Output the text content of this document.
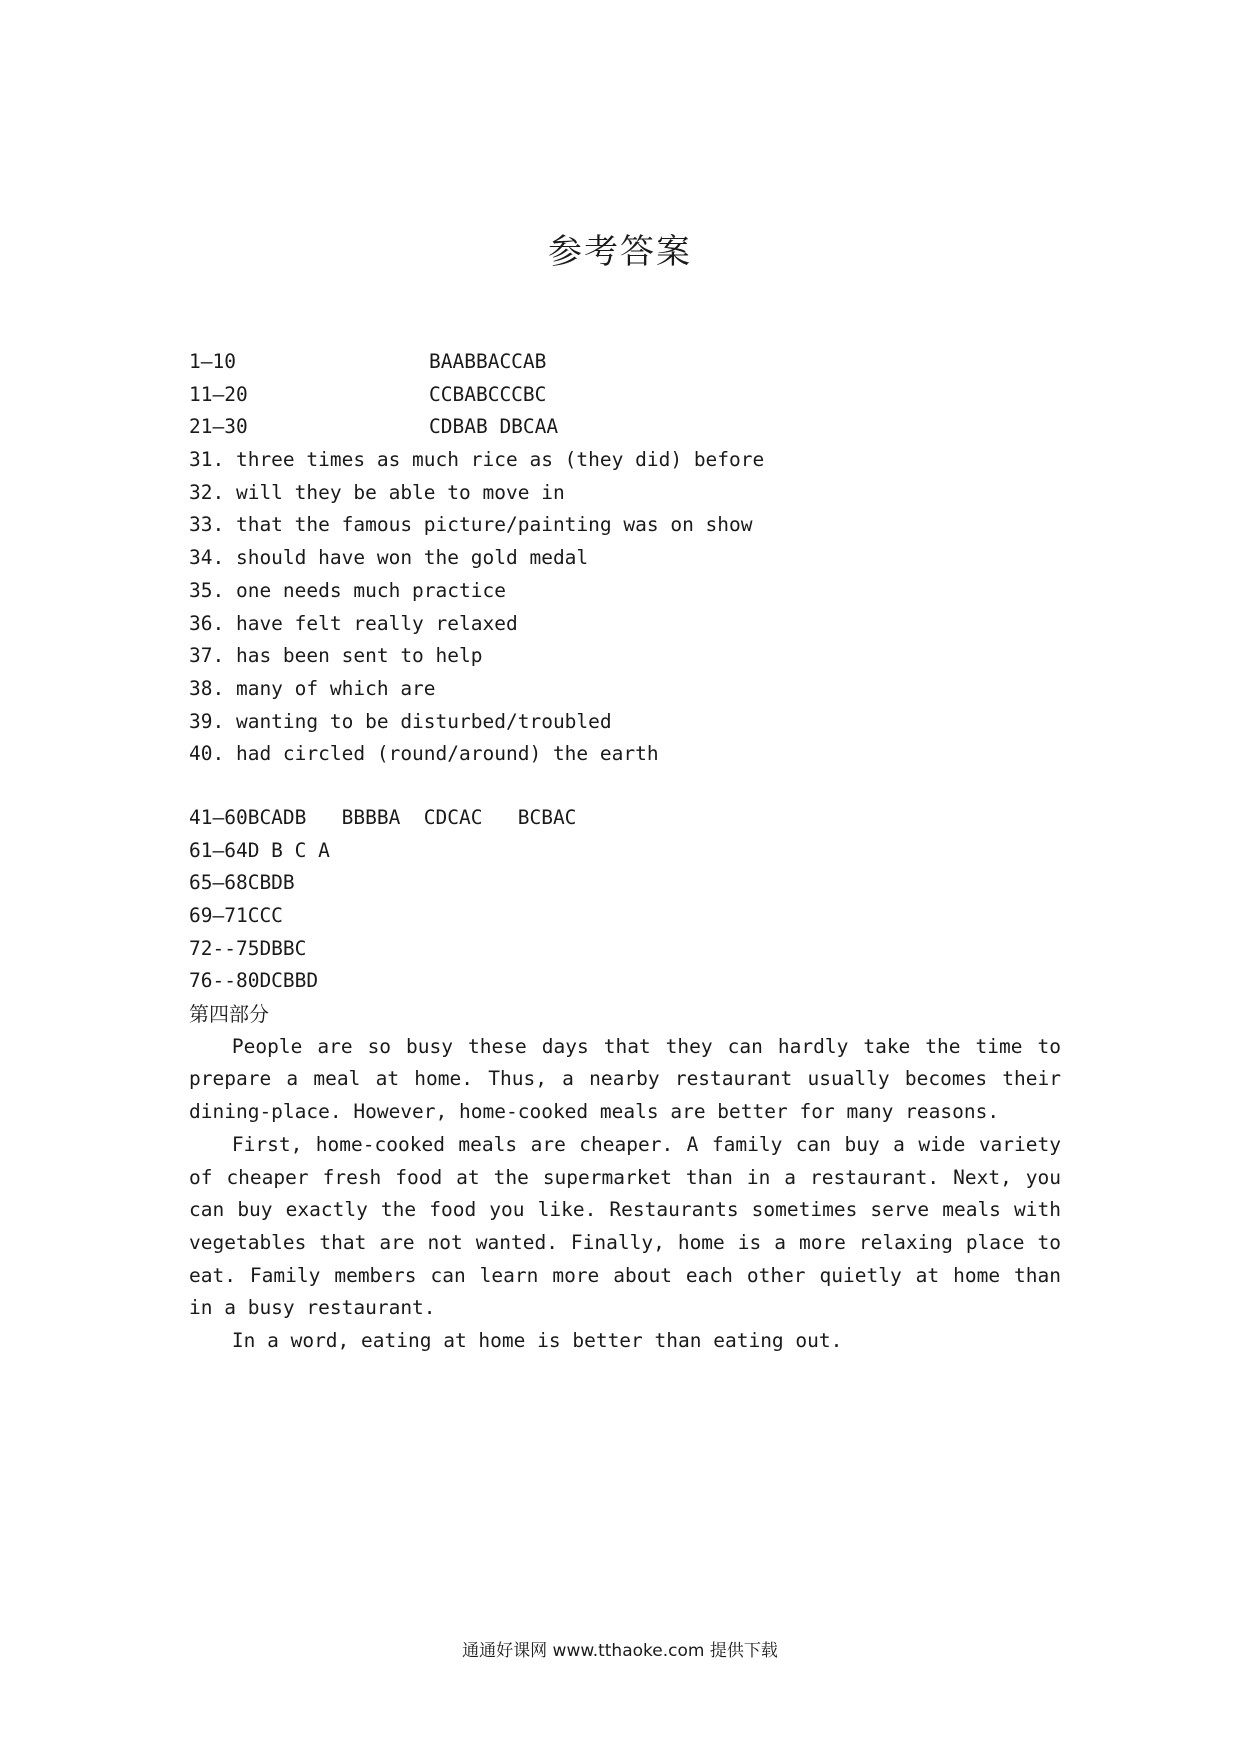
参考答案
1—10	BAABBACCAB
11—20	CCBABCCCBC
21—30	CDBAB DBCAA
31. three times as much rice as (they did) before
32. will they be able to move in
33. that the famous picture/painting was on show
34. should have won the gold medal
35. one needs much practice
36. have felt really relaxed
37. has been sent to help
38. many of which are
39. wanting to be disturbed/troubled
40. had circled (round/around) the earth
41—60BCADB   BBBBA  CDCAC   BCBAC
61—64D B C A
65—68CBDB
69—71CCC
72--75DBBC
76--80DCBBD
第四部分

People are so busy these days that they can hardly take the time to prepare a meal at home. Thus, a nearby restaurant usually becomes their dining-place. However, home-cooked meals are better for many reasons.

First, home-cooked meals are cheaper. A family can buy a wide variety of cheaper fresh food at the supermarket than in a restaurant. Next, you can buy exactly the food you like. Restaurants sometimes serve meals with vegetables that are not wanted. Finally, home is a more relaxing place to eat. Family members can learn more about each other quietly at home than in a busy restaurant.

In a word, eating at home is better than eating out.

通通好课网 www.tthaoke.com 提供下载
